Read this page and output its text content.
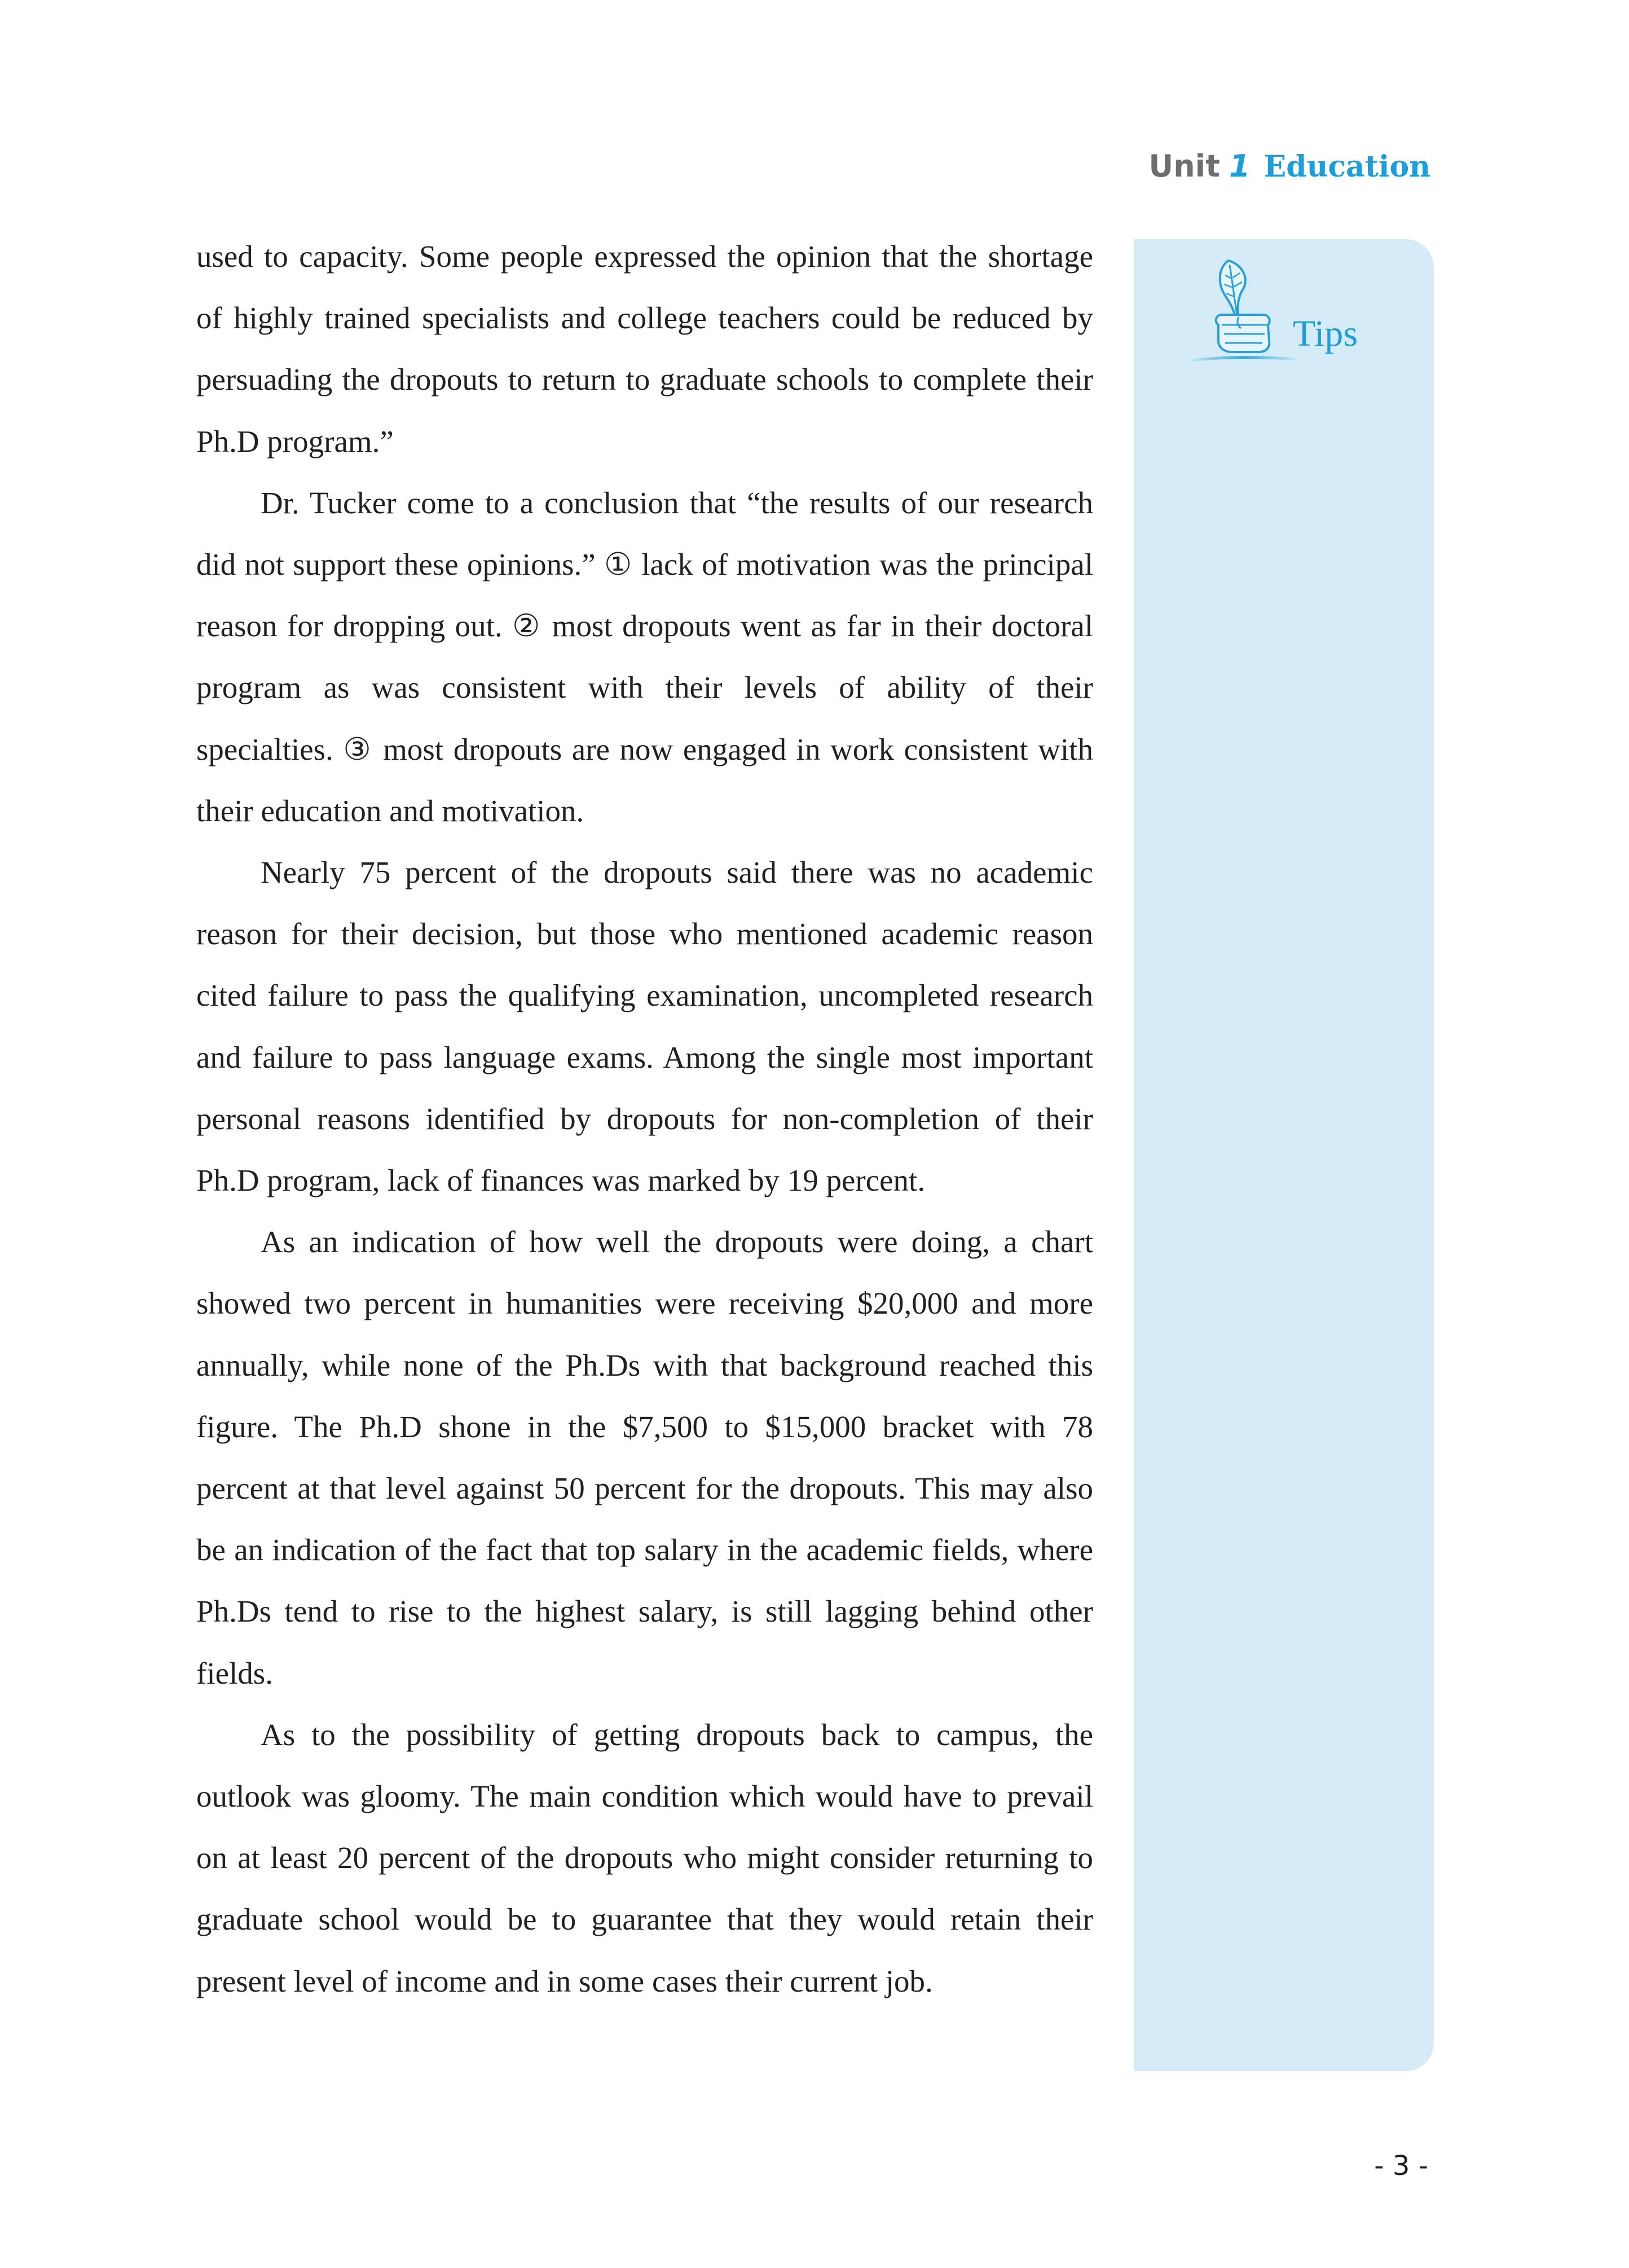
Unit 1 Education
Tips

used to capacity. Some people expressed the opinion that the shortage of highly trained specialists and college teachers could be reduced by persuading the dropouts to return to graduate schools to complete their Ph.D program.”

Dr. Tucker come to a conclusion that “the results of our research did not support these opinions.” ① lack of motivation was the principal reason for dropping out. ② most dropouts went as far in their doctoral program as was consistent with their levels of ability of their specialties. ③ most dropouts are now engaged in work consistent with their education and motivation.

Nearly 75 percent of the dropouts said there was no academic reason for their decision, but those who mentioned academic reason cited failure to pass the qualifying examination, uncompleted research and failure to pass language exams. Among the single most important personal reasons identified by dropouts for non-completion of their Ph.D program, lack of finances was marked by 19 percent.

As an indication of how well the dropouts were doing, a chart showed two percent in humanities were receiving $20,000 and more annually, while none of the Ph.Ds with that background reached this figure. The Ph.D shone in the $7,500 to $15,000 bracket with 78 percent at that level against 50 percent for the dropouts. This may also be an indication of the fact that top salary in the academic fields, where Ph.Ds tend to rise to the highest salary, is still lagging behind other fields.

As to the possibility of getting dropouts back to campus, the outlook was gloomy. The main condition which would have to prevail on at least 20 percent of the dropouts who might consider returning to graduate school would be to guarantee that they would retain their present level of income and in some cases their current job.

- 3 -
